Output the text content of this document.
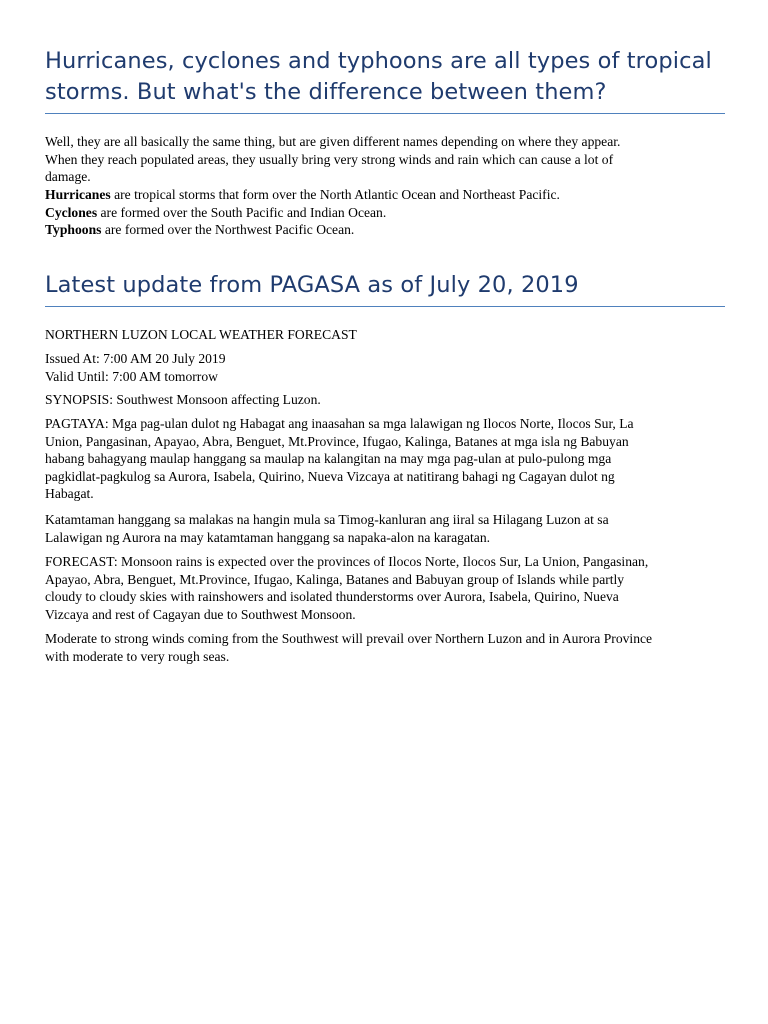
Hurricanes, cyclones and typhoons are all types of tropical
storms. But what's the difference between them?

Well, they are all basically the same thing, but are given different names depending on where they appear.
When they reach populated areas, they usually bring very strong winds and rain which can cause a lot of
damage.

Hurricanes are tropical storms that form over the North Atlantic Ocean and Northeast Pacific.
Cyclones are formed over the South Pacific and Indian Ocean.
Typhoons are formed over the Northwest Pacific Ocean.

Latest update from PAGASA as of July 20, 2019

NORTHERN LUZON LOCAL WEATHER FORECAST

Issued At: 7:00 AM 20 July 2019
Valid Until: 7:00 AM tomorrow

SYNOPSIS: Southwest Monsoon affecting Luzon.

PAGTAYA: Mga pag-ulan dulot ng Habagat ang inaasahan sa mga lalawigan ng Ilocos Norte, Ilocos Sur, La
Union, Pangasinan, Apayao, Abra, Benguet, Mt.Province, Ifugao, Kalinga, Batanes at mga isla ng Babuyan
habang bahagyang maulap hanggang sa maulap na kalangitan na may mga pag-ulan at pulo-pulong mga
pagkidlat-pagkulog sa Aurora, Isabela, Quirino, Nueva Vizcaya at natitirang bahagi ng Cagayan dulot ng
Habagat.

Katamtaman hanggang sa malakas na hangin mula sa Timog-kanluran ang iiral sa Hilagang Luzon at sa
Lalawigan ng Aurora na may katamtaman hanggang sa napaka-alon na karagatan.

FORECAST: Monsoon rains is expected over the provinces of Ilocos Norte, Ilocos Sur, La Union, Pangasinan,
Apayao, Abra, Benguet, Mt.Province, Ifugao, Kalinga, Batanes and Babuyan group of Islands while partly
cloudy to cloudy skies with rainshowers and isolated thunderstorms over Aurora, Isabela, Quirino, Nueva
Vizcaya and rest of Cagayan due to Southwest Monsoon.

Moderate to strong winds coming from the Southwest will prevail over Northern Luzon and in Aurora Province
with moderate to very rough seas.
